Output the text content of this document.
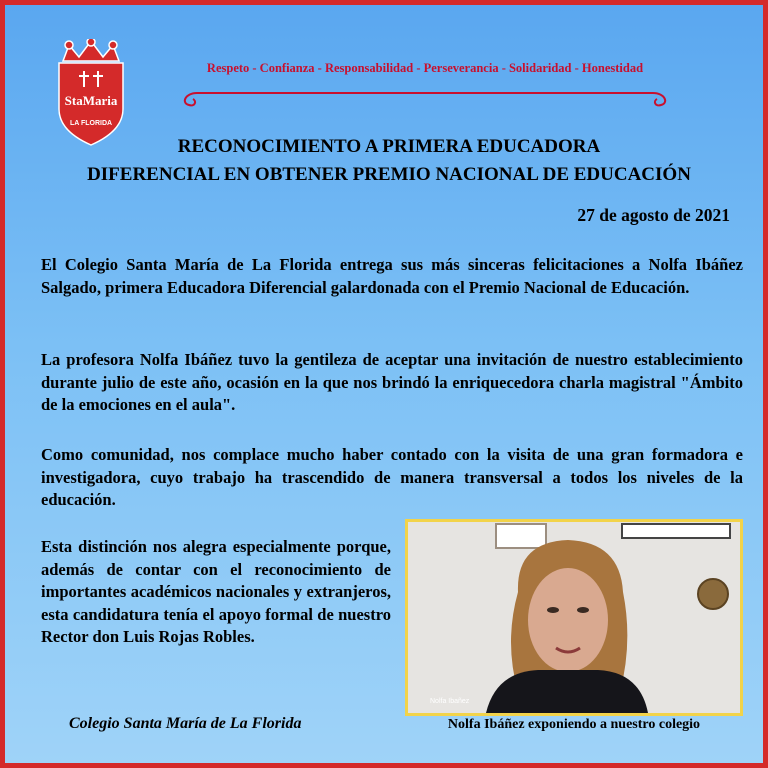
StaMaria
LA FLORIDA
Respeto - Confianza - Responsabilidad - Perseverancia - Solidaridad - Honestidad
RECONOCIMIENTO A PRIMERA EDUCADORA
DIFERENCIAL EN OBTENER PREMIO NACIONAL DE EDUCACIÓN
27 de agosto de 2021
El Colegio Santa María de La Florida entrega sus más sinceras felicitaciones a Nolfa Ibáñez Salgado, primera Educadora Diferencial galardonada con el Premio Nacional de Educación.
La profesora Nolfa Ibáñez tuvo la gentileza de aceptar una invitación de nuestro establecimiento durante julio de este año, ocasión en la que nos brindó la enriquecedora charla magistral "Ámbito de la emociones en el aula".
Como comunidad, nos complace mucho haber contado con la visita de una gran formadora e investigadora, cuyo trabajo ha trascendido de manera transversal a todos los niveles de la educación.
Esta distinción nos alegra especialmente porque, además de contar con el reconocimiento de importantes académicos nacionales y extranjeros, esta candidatura tenía el apoyo formal de nuestro Rector don Luis Rojas Robles.
Colegio Santa María de La Florida
Nolfa Ibañez
Nolfa Ibáñez exponiendo a nuestro colegio
